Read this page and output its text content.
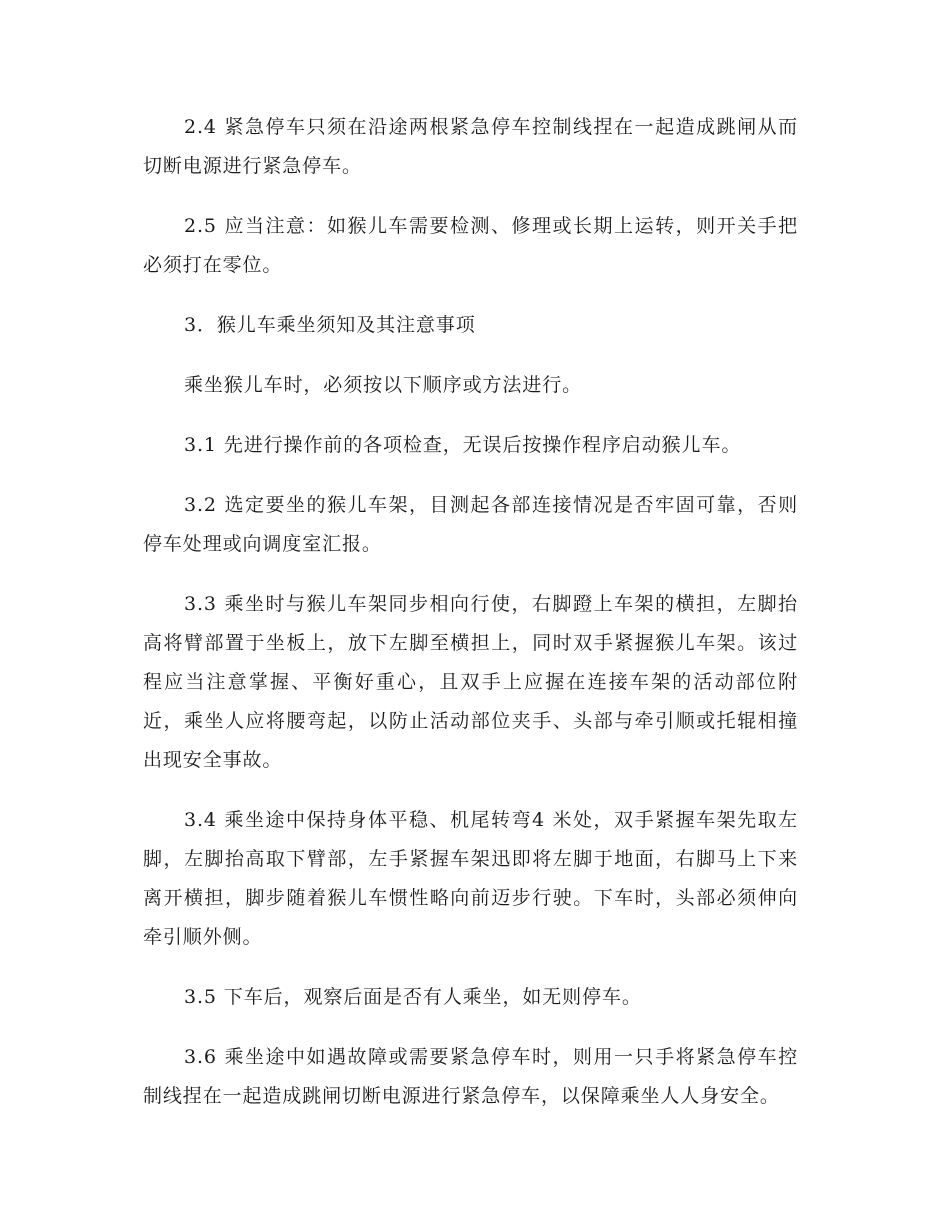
2.4 紧急停车只须在沿途两根紧急停车控制线捏在一起造成跳闸从而切断电源进行紧急停车。

2.5 应当注意：如猴儿车需要检测、修理或长期上运转，则开关手把必须打在零位。

3．猴儿车乘坐须知及其注意事项

乘坐猴儿车时，必须按以下顺序或方法进行。

3.1 先进行操作前的各项检查，无误后按操作程序启动猴儿车。

3.2 选定要坐的猴儿车架，目测起各部连接情况是否牢固可靠，否则停车处理或向调度室汇报。

3.3 乘坐时与猴儿车架同步相向行使，右脚蹬上车架的横担，左脚抬高将臂部置于坐板上，放下左脚至横担上，同时双手紧握猴儿车架。该过程应当注意掌握、平衡好重心，且双手上应握在连接车架的活动部位附近，乘坐人应将腰弯起，以防止活动部位夹手、头部与牵引顺或托辊相撞出现安全事故。

3.4 乘坐途中保持身体平稳、机尾转弯4 米处，双手紧握车架先取左脚，左脚抬高取下臂部，左手紧握车架迅即将左脚于地面，右脚马上下来离开横担，脚步随着猴儿车惯性略向前迈步行驶。下车时，头部必须伸向牵引顺外侧。

3.5 下车后，观察后面是否有人乘坐，如无则停车。

3.6 乘坐途中如遇故障或需要紧急停车时，则用一只手将紧急停车控制线捏在一起造成跳闸切断电源进行紧急停车，以保障乘坐人人身安全。
